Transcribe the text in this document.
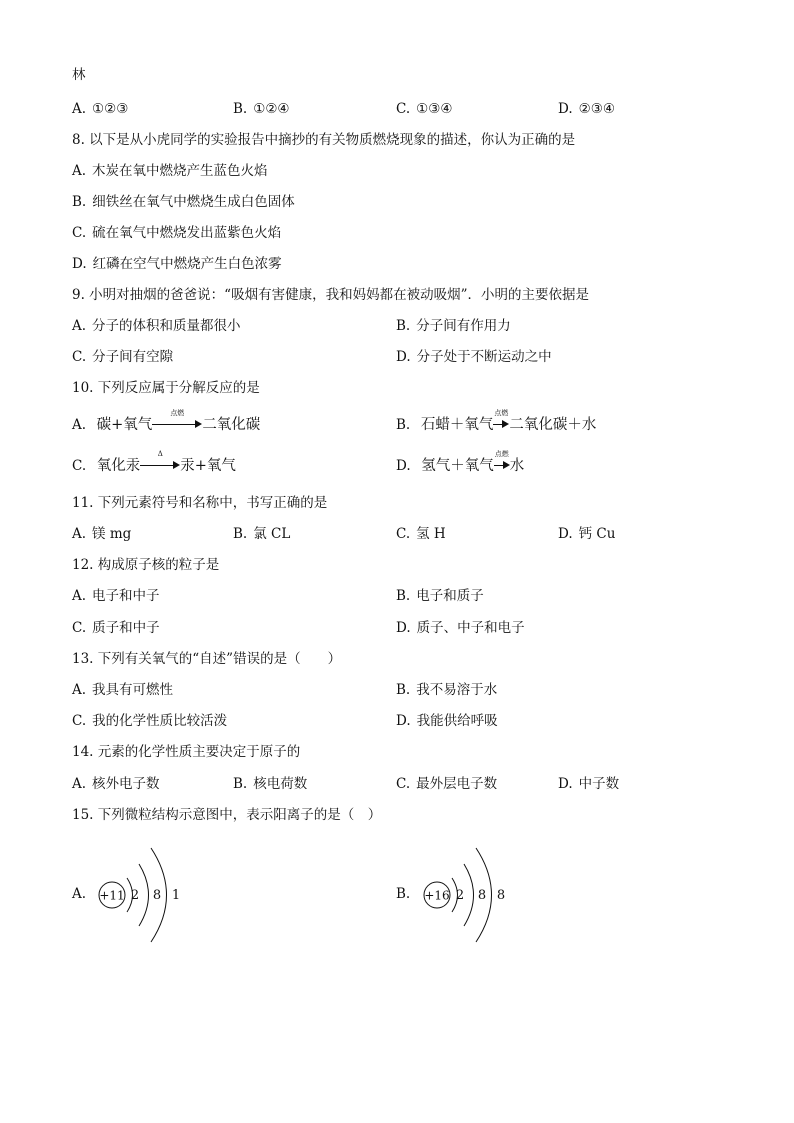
林
A. ①②③	B. ①②④	C. ①③④	D. ②③④
8. 以下是从小虎同学的实验报告中摘抄的有关物质燃烧现象的描述，你认为正确的是
A. 木炭在氧中燃烧产生蓝色火焰
B. 细铁丝在氧气中燃烧生成白色固体
C. 硫在氧气中燃烧发出蓝紫色火焰
D. 红磷在空气中燃烧产生白色浓雾
9. 小明对抽烟的爸爸说：“吸烟有害健康，我和妈妈都在被动吸烟”．小明的主要依据是
A. 分子的体积和质量都很小	B. 分子间有作用力
C. 分子间有空隙	D. 分子处于不断运动之中
10. 下列反应属于分解反应的是
A. 碳+氧气
点燃
二氧化碳	B. 石蜡＋氧气
点燃
二氧化碳＋水
C. 氧化汞
Δ
汞+氧气	D. 氢气＋氧气
点燃
水
11. 下列元素符号和名称中，书写正确的是
A. 镁 mg	B. 氯 CL	C. 氢 H	D. 钙 Cu
12. 构成原子核的粒子是
A. 电子和中子	B. 电子和质子
C. 质子和中子	D. 质子、中子和电子
13. 下列有关氧气的“自述”错误的是（　　）
A. 我具有可燃性	B. 我不易溶于水
C. 我的化学性质比较活泼	D. 我能供给呼吸
14. 元素的化学性质主要决定于原子的
A. 核外电子数	B. 核电荷数	C. 最外层电子数	D. 中子数
15. 下列微粒结构示意图中，表示阳离子的是（　）
A. +11 2 8 1	B. +16 2 8 8
